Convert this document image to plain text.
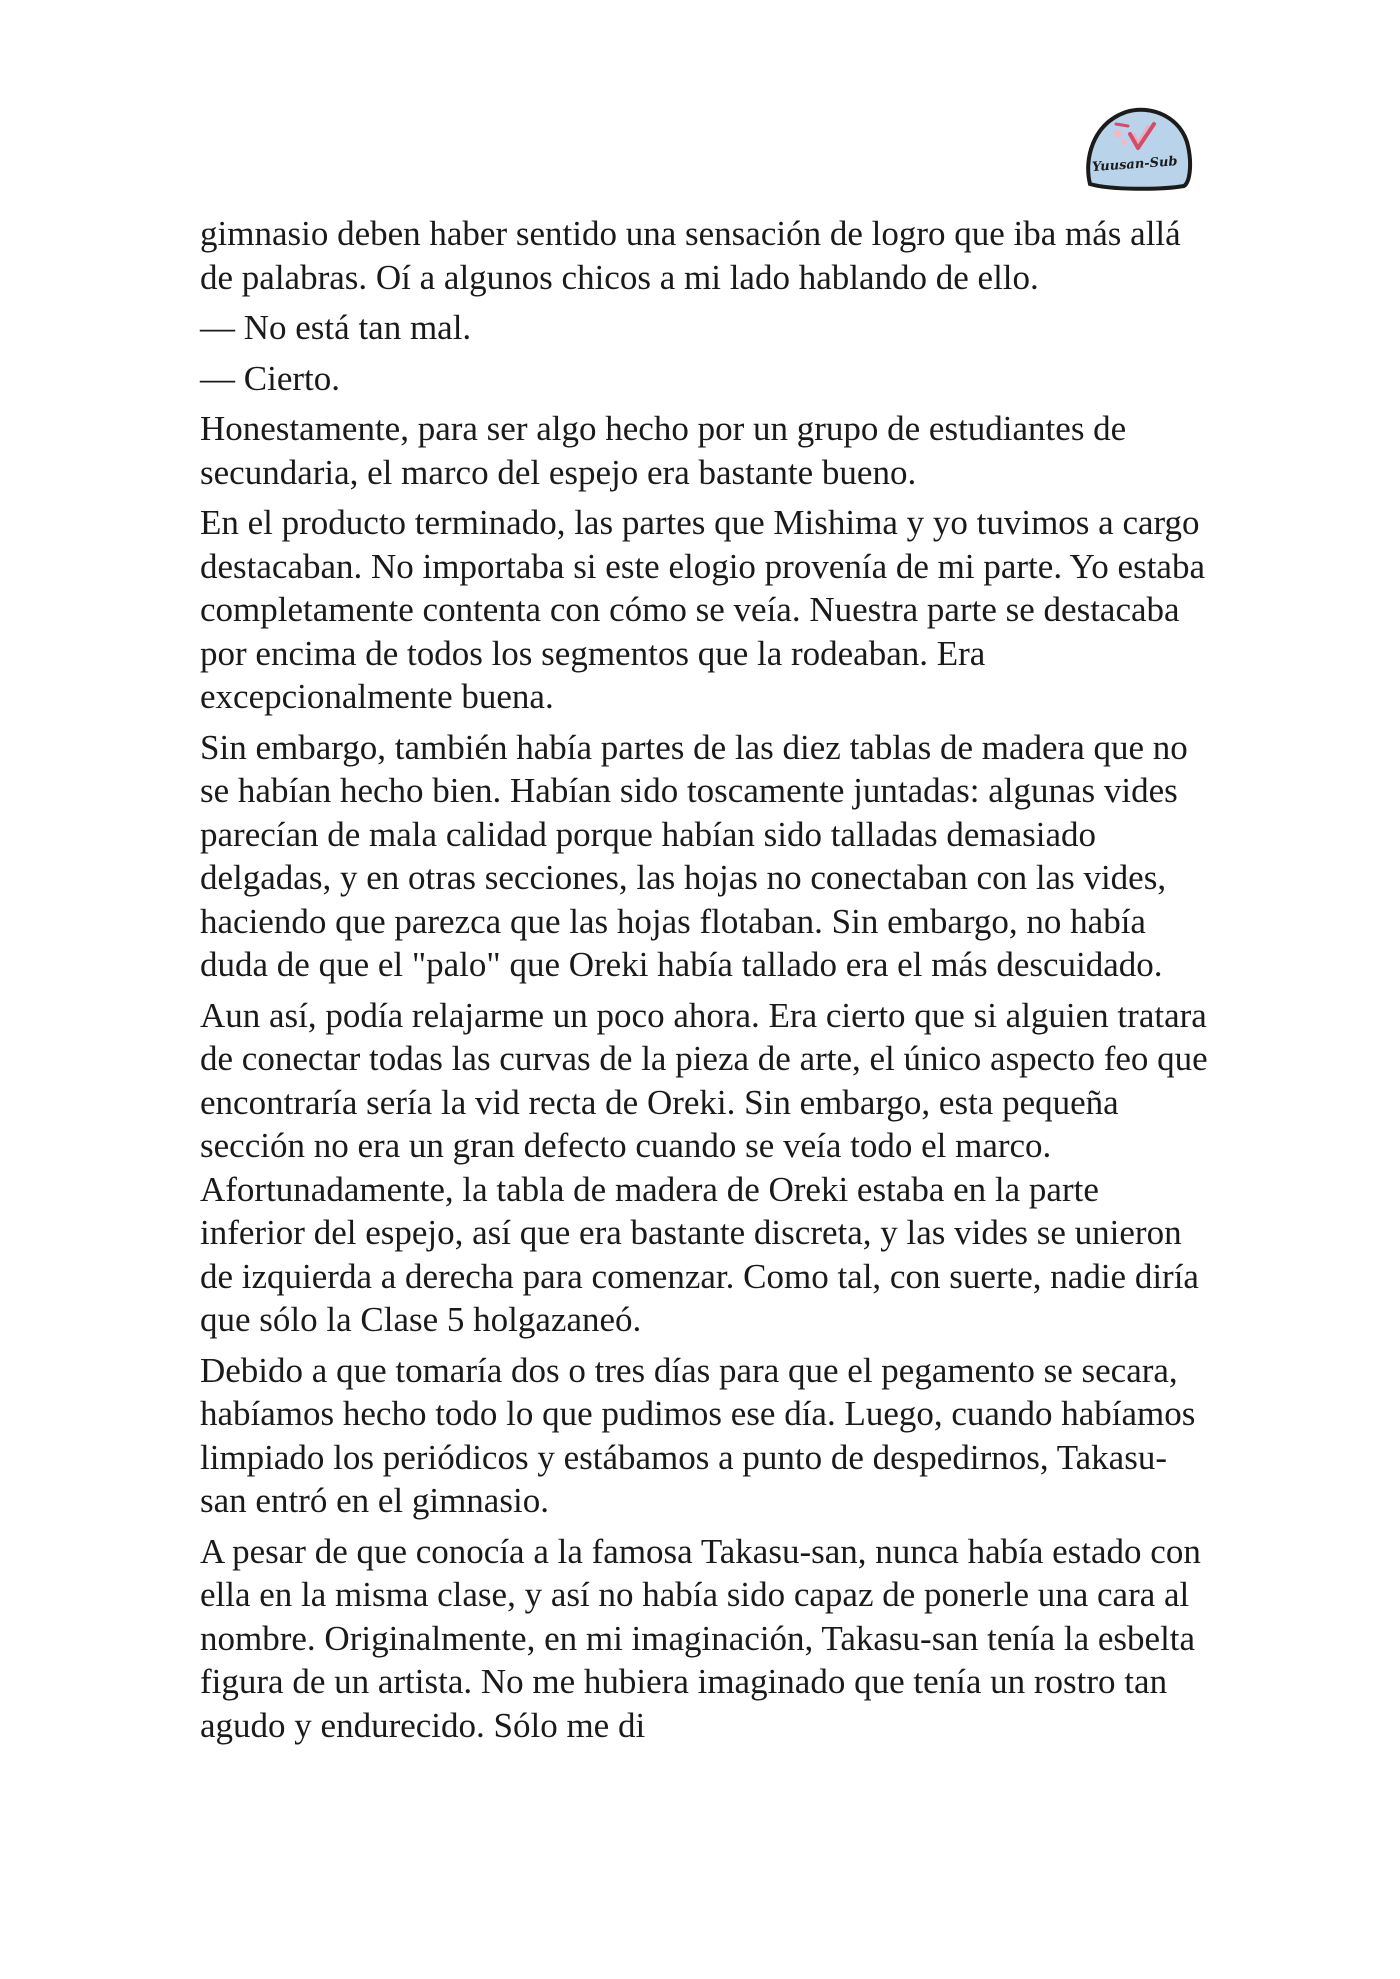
Yuusan-Sub

gimnasio deben haber sentido una sensación de logro que iba más allá de palabras. Oí a algunos chicos a mi lado hablando de ello.

— No está tan mal.

— Cierto.

Honestamente, para ser algo hecho por un grupo de estudiantes de secundaria, el marco del espejo era bastante bueno.

En el producto terminado, las partes que Mishima y yo tuvimos a cargo destacaban. No importaba si este elogio provenía de mi parte. Yo estaba completamente contenta con cómo se veía. Nuestra parte se destacaba por encima de todos los segmentos que la rodeaban. Era excepcionalmente buena.

Sin embargo, también había partes de las diez tablas de madera que no se habían hecho bien. Habían sido toscamente juntadas: algunas vides parecían de mala calidad porque habían sido talladas demasiado delgadas, y en otras secciones, las hojas no conectaban con las vides, haciendo que parezca que las hojas flotaban. Sin embargo, no había duda de que el "palo" que Oreki había tallado era el más descuidado.

Aun así, podía relajarme un poco ahora. Era cierto que si alguien tratara de conectar todas las curvas de la pieza de arte, el único aspecto feo que encontraría sería la vid recta de Oreki. Sin embargo, esta pequeña sección no era un gran defecto cuando se veía todo el marco. Afortunadamente, la tabla de madera de Oreki estaba en la parte inferior del espejo, así que era bastante discreta, y las vides se unieron de izquierda a derecha para comenzar. Como tal, con suerte, nadie diría que sólo la Clase 5 holgazaneó.

Debido a que tomaría dos o tres días para que el pegamento se secara, habíamos hecho todo lo que pudimos ese día. Luego, cuando habíamos limpiado los periódicos y estábamos a punto de despedirnos, Takasu-san entró en el gimnasio.

A pesar de que conocía a la famosa Takasu-san, nunca había estado con ella en la misma clase, y así no había sido capaz de ponerle una cara al nombre. Originalmente, en mi imaginación, Takasu-san tenía la esbelta figura de un artista. No me hubiera imaginado que tenía un rostro tan agudo y endurecido. Sólo me di
